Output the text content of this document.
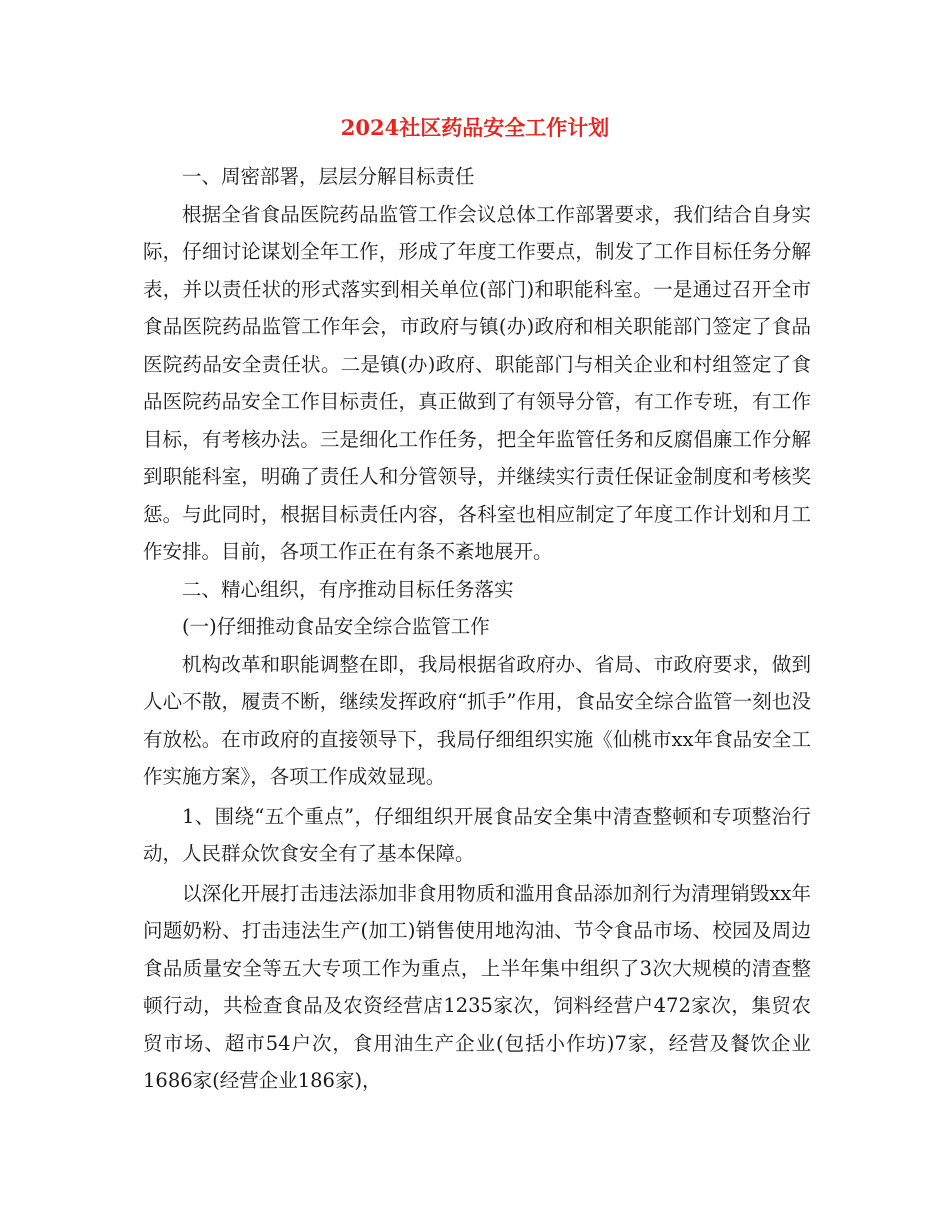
2024社区药品安全工作计划

一、周密部署，层层分解目标责任

根据全省食品医院药品监管工作会议总体工作部署要求，我们结合自身实际，仔细讨论谋划全年工作，形成了年度工作要点，制发了工作目标任务分解表，并以责任状的形式落实到相关单位(部门)和职能科室。一是通过召开全市食品医院药品监管工作年会，市政府与镇(办)政府和相关职能部门签定了食品医院药品安全责任状。二是镇(办)政府、职能部门与相关企业和村组签定了食品医院药品安全工作目标责任，真正做到了有领导分管，有工作专班，有工作目标，有考核办法。三是细化工作任务，把全年监管任务和反腐倡廉工作分解到职能科室，明确了责任人和分管领导，并继续实行责任保证金制度和考核奖惩。与此同时，根据目标责任内容，各科室也相应制定了年度工作计划和月工作安排。目前，各项工作正在有条不紊地展开。

二、精心组织，有序推动目标任务落实

(一)仔细推动食品安全综合监管工作

机构改革和职能调整在即，我局根据省政府办、省局、市政府要求，做到人心不散，履责不断，继续发挥政府“抓手”作用，食品安全综合监管一刻也没有放松。在市政府的直接领导下，我局仔细组织实施《仙桃市xx年食品安全工作实施方案》，各项工作成效显现。

1、围绕“五个重点”，仔细组织开展食品安全集中清查整顿和专项整治行动，人民群众饮食安全有了基本保障。

以深化开展打击违法添加非食用物质和滥用食品添加剂行为清理销毁xx年问题奶粉、打击违法生产(加工)销售使用地沟油、节令食品市场、校园及周边食品质量安全等五大专项工作为重点，上半年集中组织了3次大规模的清查整顿行动，共检查食品及农资经营店1235家次，饲料经营户472家次，集贸农贸市场、超市54户次，食用油生产企业(包括小作坊)7家，经营及餐饮企业1686家(经营企业186家)，
